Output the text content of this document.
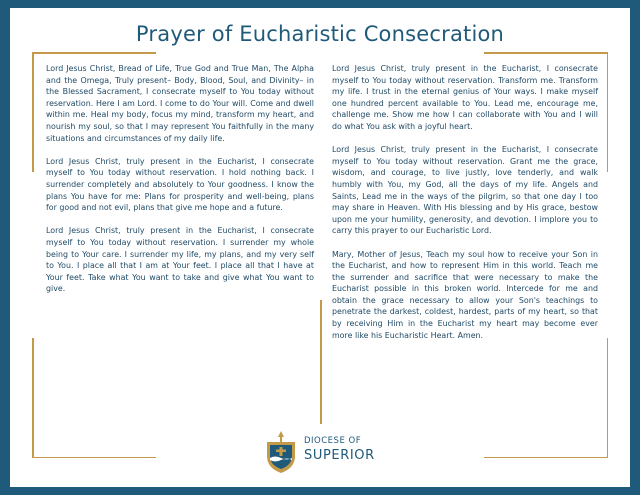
Prayer of Eucharistic Consecration

Lord Jesus Christ, Bread of Life, True God and True Man, The Alpha and the Omega, Truly present– Body, Blood, Soul, and Divinity– in the Blessed Sacrament, I consecrate myself to You today without reservation. Here I am Lord. I come to do Your will. Come and dwell within me. Heal my body, focus my mind, transform my heart, and nourish my soul, so that I may represent You faithfully in the many situations and circumstances of my daily life.

Lord Jesus Christ, truly present in the Eucharist, I consecrate myself to You today without reservation. I hold nothing back. I surrender completely and absolutely to Your goodness. I know the plans You have for me: Plans for prosperity and well-being, plans for good and not evil, plans that give me hope and a future.

Lord Jesus Christ, truly present in the Eucharist, I consecrate myself to You today without reservation. I surrender my whole being to Your care. I surrender my life, my plans, and my very self to You. I place all that I am at Your feet. I place all that I have at Your feet. Take what You want to take and give what You want to give.

Lord Jesus Christ, truly present in the Eucharist, I consecrate myself to You today without reservation. Transform me. Transform my life. I trust in the eternal genius of Your ways. I make myself one hundred percent available to You. Lead me, encourage me, challenge me. Show me how I can collaborate with You and I will do what You ask with a joyful heart.

Lord Jesus Christ, truly present in the Eucharist, I consecrate myself to You today without reservation. Grant me the grace, wisdom, and courage, to live justly, love tenderly, and walk humbly with You, my God, all the days of my life. Angels and Saints, Lead me in the ways of the pilgrim, so that one day I too may share in Heaven. With His blessing and by His grace, bestow upon me your humility, generosity, and devotion. I implore you to carry this prayer to our Eucharistic Lord.

Mary, Mother of Jesus, Teach my soul how to receive your Son in the Eucharist, and how to represent Him in this world. Teach me the surrender and sacrifice that were necessary to make the Eucharist possible in this broken world. Intercede for me and obtain the grace necessary to allow your Son's teachings to penetrate the darkest, coldest, hardest, parts of my heart, so that by receiving Him in the Eucharist my heart may become ever more like his Eucharistic Heart. Amen.

DIOCESE OF
SUPERIOR
